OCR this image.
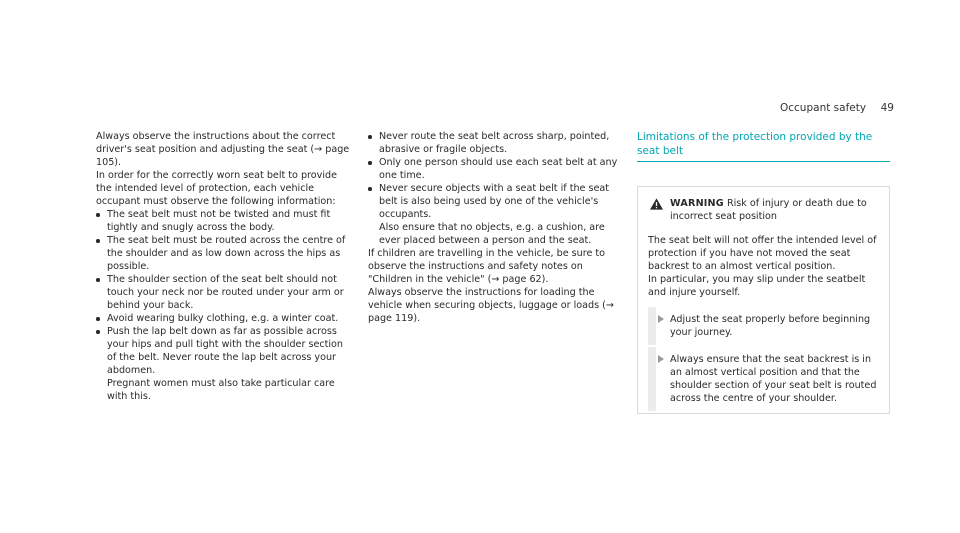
Occupant safety 49

Always observe the instructions about the correct driver's seat position and adjusting the seat (→ page 105).

In order for the correctly worn seat belt to provide the intended level of protection, each vehicle occupant must observe the following information:

The seat belt must not be twisted and must fit tightly and snugly across the body.
The seat belt must be routed across the centre of the shoulder and as low down across the hips as possible.
The shoulder section of the seat belt should not touch your neck nor be routed under your arm or behind your back.
Avoid wearing bulky clothing, e.g. a winter coat.
Push the lap belt down as far as possible across your hips and pull tight with the shoulder section of the belt. Never route the lap belt across your abdomen.

Pregnant women must also take particular care with this.

Never route the seat belt across sharp, pointed, abrasive or fragile objects.
Only one person should use each seat belt at any one time.
Never secure objects with a seat belt if the seat belt is also being used by one of the vehicle's occupants.

Also ensure that no objects, e.g. a cushion, are ever placed between a person and the seat.

If children are travelling in the vehicle, be sure to observe the instructions and safety notes on "Children in the vehicle" (→ page 62).

Always observe the instructions for loading the vehicle when securing objects, luggage or loads (→ page 119).

Limitations of the protection provided by the seat belt
WARNING Risk of injury or death due to incorrect seat position

The seat belt will not offer the intended level of protection if you have not moved the seat backrest to an almost vertical position.

In particular, you may slip under the seatbelt and injure yourself.

Adjust the seat properly before beginning your journey.
Always ensure that the seat backrest is in an almost vertical position and that the shoulder section of your seat belt is routed across the centre of your shoulder.
